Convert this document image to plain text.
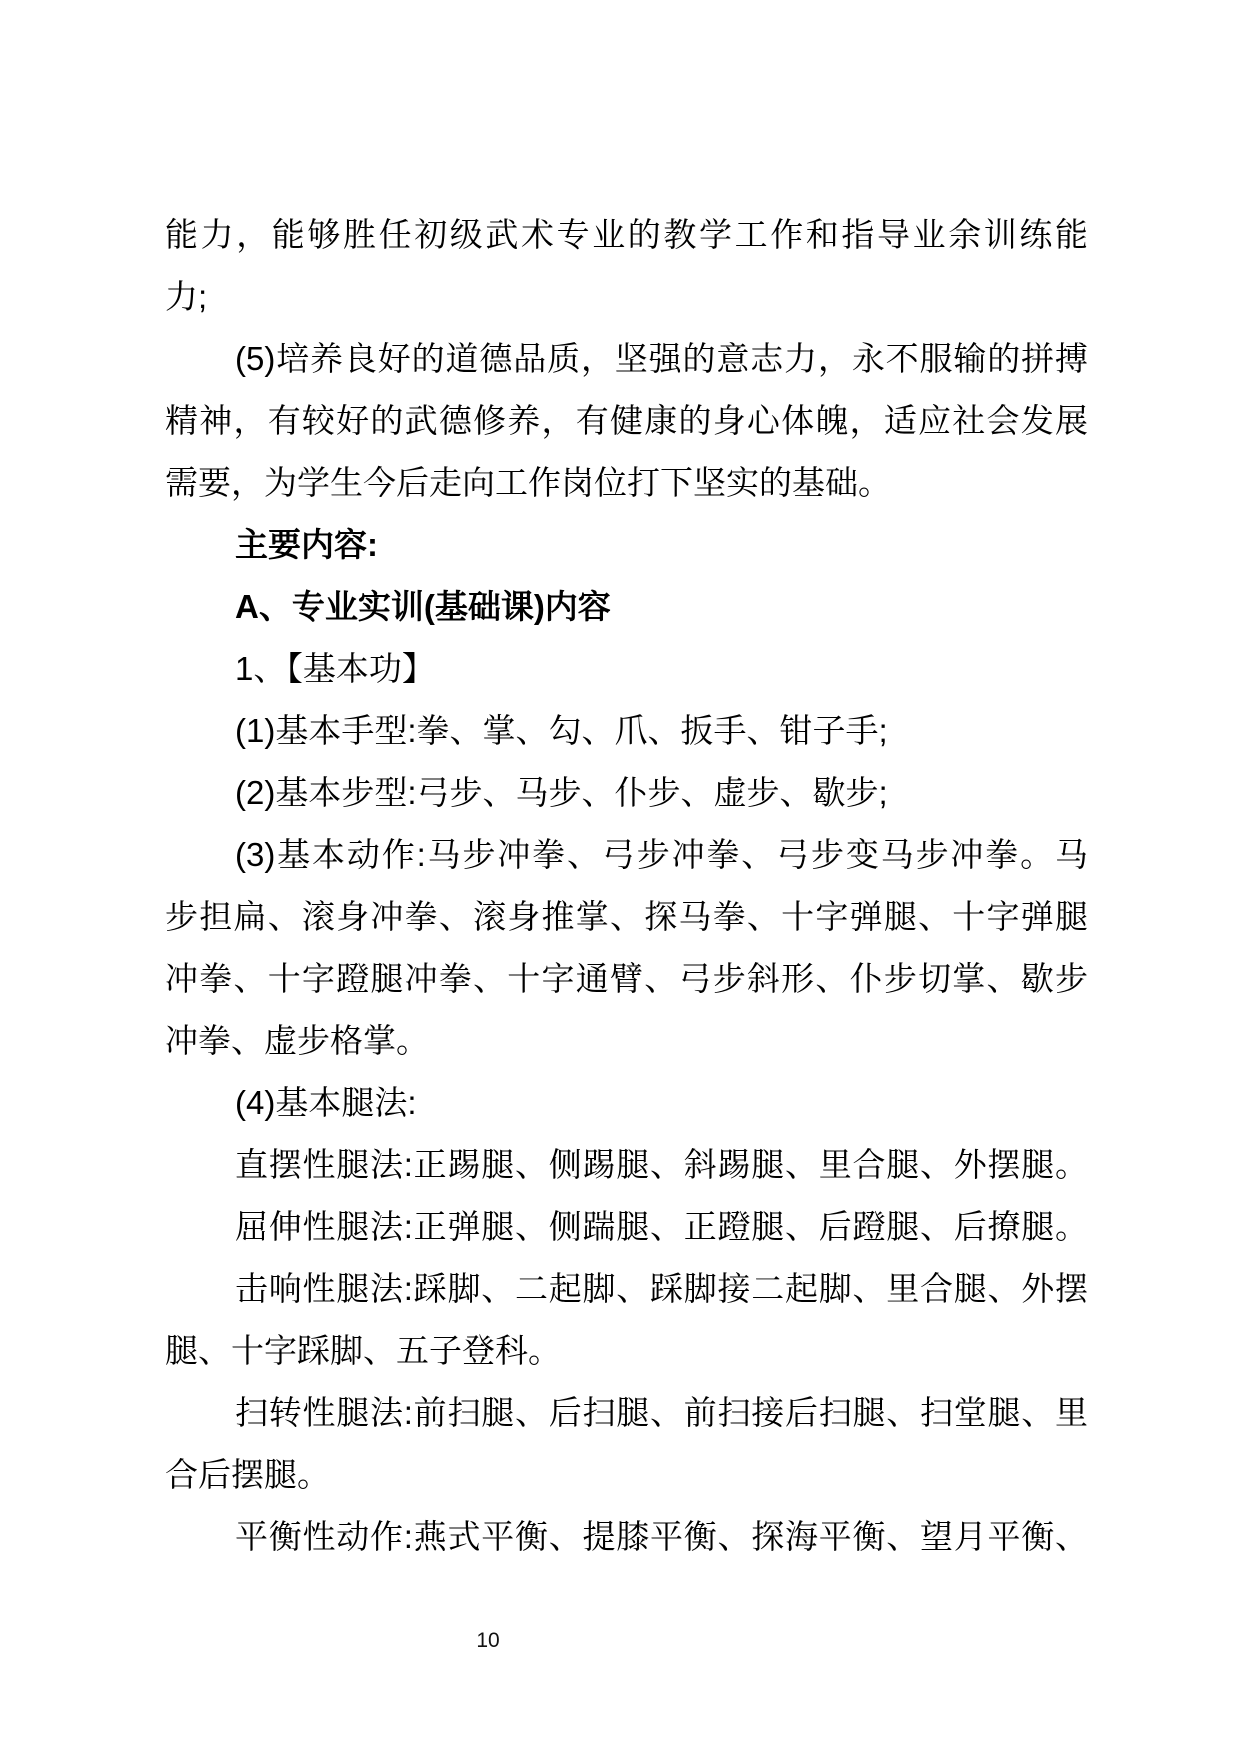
能力，能够胜任初级武术专业的教学工作和指导业余训练能
力;
(5)培养良好的道德品质，坚强的意志力，永不服输的拼搏
精神，有较好的武德修养，有健康的身心体魄，适应社会发展
需要，为学生今后走向工作岗位打下坚实的基础。
主要内容:
A、专业实训(基础课)内容
1、【基本功】
(1)基本手型:拳、掌、勾、爪、扳手、钳子手;
(2)基本步型:弓步、马步、仆步、虚步、歇步;
(3)基本动作:马步冲拳、弓步冲拳、弓步变马步冲拳。马
步担扁、滚身冲拳、滚身推掌、探马拳、十字弹腿、十字弹腿
冲拳、十字蹬腿冲拳、十字通臂、弓步斜形、仆步切掌、歇步
冲拳、虚步格掌。
(4)基本腿法:
直摆性腿法:正踢腿、侧踢腿、斜踢腿、里合腿、外摆腿。
屈伸性腿法:正弹腿、侧踹腿、正蹬腿、后蹬腿、后撩腿。
击响性腿法:踩脚、二起脚、踩脚接二起脚、里合腿、外摆
腿、十字踩脚、五子登科。
扫转性腿法:前扫腿、后扫腿、前扫接后扫腿、扫堂腿、里
合后摆腿。
平衡性动作:燕式平衡、提膝平衡、探海平衡、望月平衡、
10
